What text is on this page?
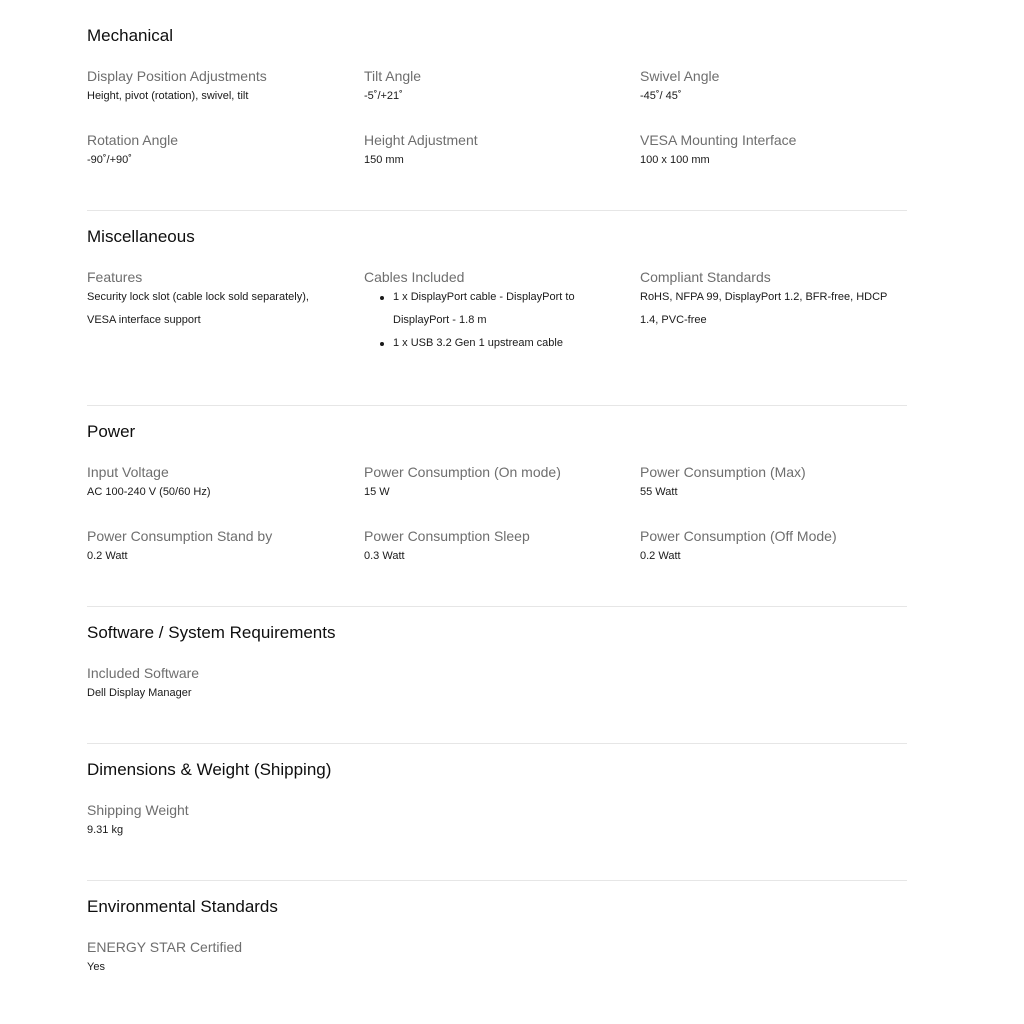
Mechanical
Display Position Adjustments
Height, pivot (rotation), swivel, tilt
Tilt Angle
-5˚/+21˚
Swivel Angle
-45˚/ 45˚
Rotation Angle
-90˚/+90˚
Height Adjustment
150 mm
VESA Mounting Interface
100 x 100 mm
Miscellaneous
Features
Security lock slot (cable lock sold separately), VESA interface support
Cables Included
1 x DisplayPort cable - DisplayPort to DisplayPort - 1.8 m
1 x USB 3.2 Gen 1 upstream cable
Compliant Standards
RoHS, NFPA 99, DisplayPort 1.2, BFR-free, HDCP 1.4, PVC-free
Power
Input Voltage
AC 100-240 V (50/60 Hz)
Power Consumption (On mode)
15 W
Power Consumption (Max)
55 Watt
Power Consumption Stand by
0.2 Watt
Power Consumption Sleep
0.3 Watt
Power Consumption (Off Mode)
0.2 Watt
Software / System Requirements
Included Software
Dell Display Manager
Dimensions & Weight (Shipping)
Shipping Weight
9.31 kg
Environmental Standards
ENERGY STAR Certified
Yes
